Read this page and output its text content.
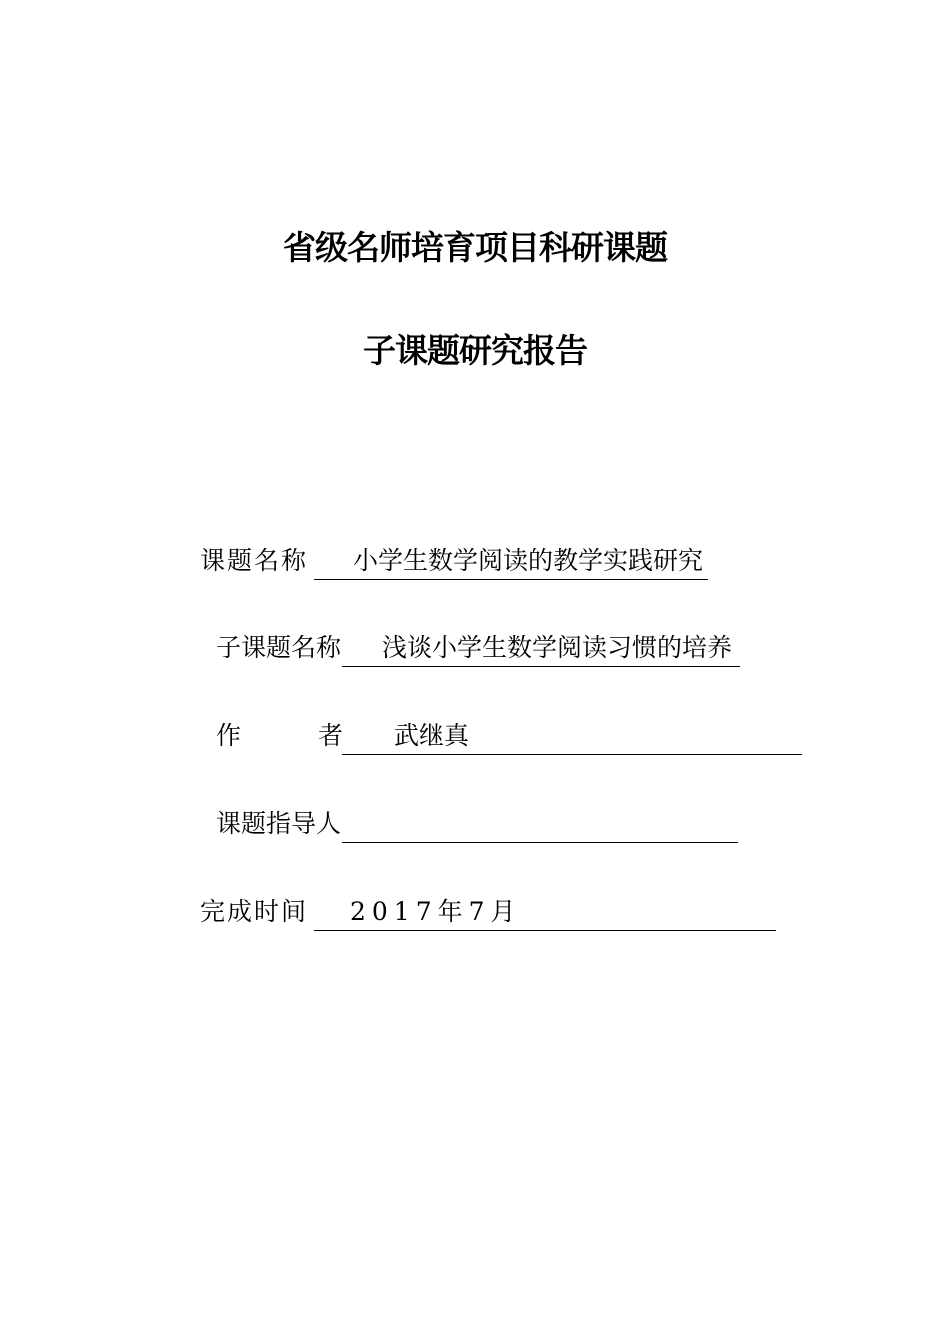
省级名师培育项目科研课题
子课题研究报告
课题名称 小学生数学阅读的教学实践研究
子课题名称 浅谈小学生数学阅读习惯的培养
作	者 武继真
课题指导人
完成时间 2017年7月
